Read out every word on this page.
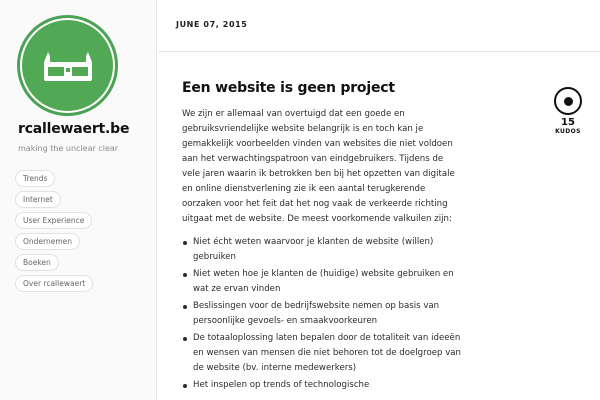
rcallewaert.be
making the unclear clear
Trends
Internet
User Experience
Ondernemen
Boeken
Over rcallewaert
JUNE 07, 2015
Een website is geen project

We zijn er allemaal van overtuigd dat een goede en gebruiksvriendelijke website belangrijk is en toch kan je gemakkelijk voorbeelden vinden van websites die niet voldoen aan het verwachtingspatroon van eindgebruikers. Tijdens de vele jaren waarin ik betrokken ben bij het opzetten van digitale en online dienstverlening zie ik een aantal terugkerende oorzaken voor het feit dat het nog vaak de verkeerde richting uitgaat met de website. De meest voorkomende valkuilen zijn:

Niet écht weten waarvoor je klanten de website (willen) gebruiken
Niet weten hoe je klanten de (huidige) website gebruiken en wat ze ervan vinden
Beslissingen voor de bedrijfswebsite nemen op basis van persoonlijke gevoels- en smaakvoorkeuren
De totaaloplossing laten bepalen door de totaliteit van ideeën en wensen van mensen die niet behoren tot de doelgroep van de website (bv. interne medewerkers)
Het inspelen op trends of technologische
15
KUDOS
